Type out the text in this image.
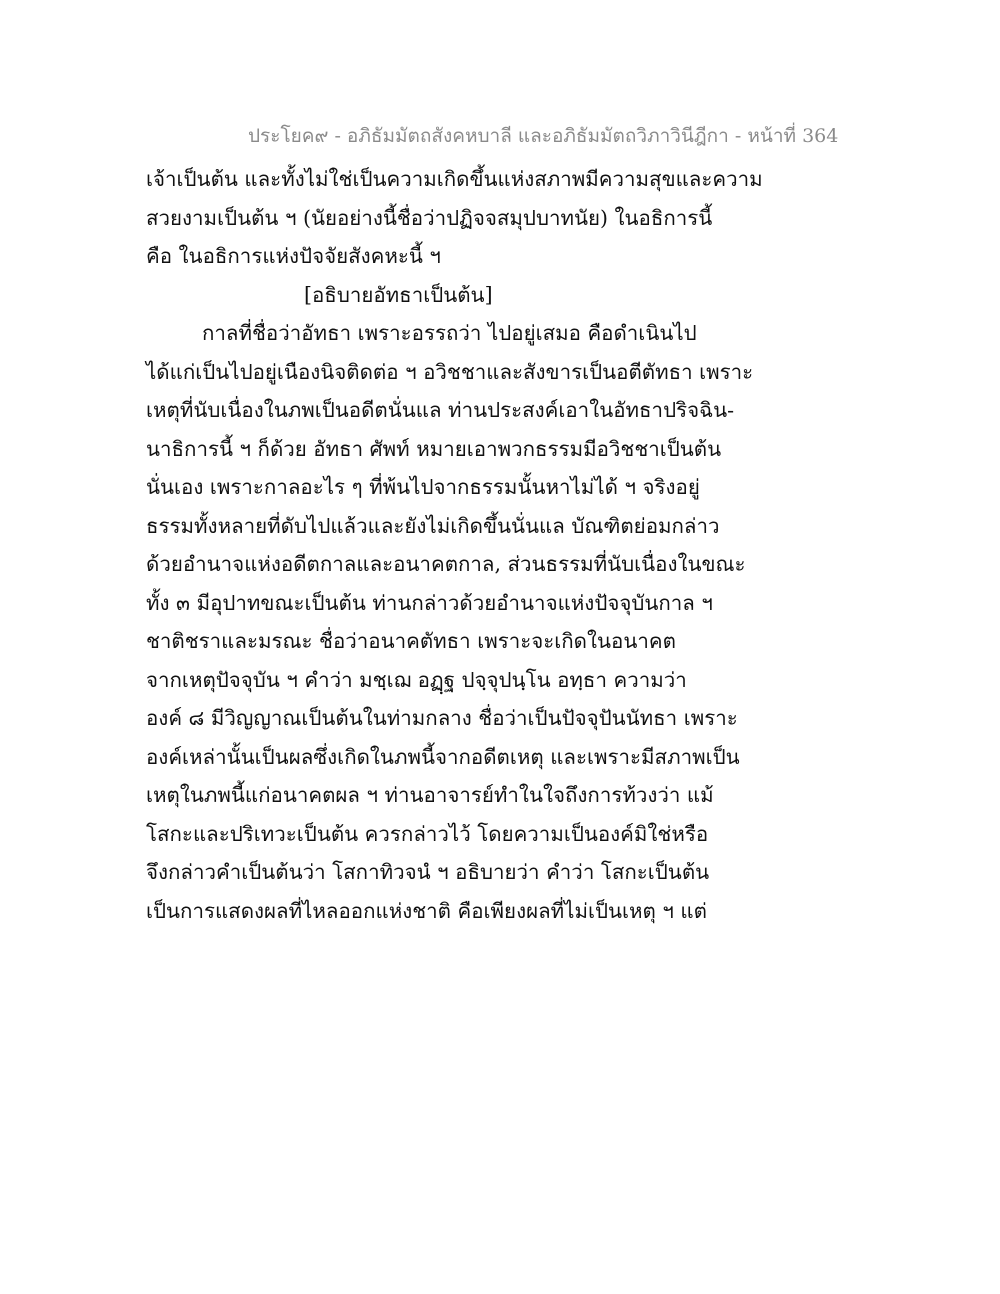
ประโยค๙ - อภิธัมมัตถสังคหบาลี และอภิธัมมัตถวิภาวินีฎีกา - หน้าที่ 364
เจ้าเป็นต้น และทั้งไม่ใช่เป็นความเกิดขึ้นแห่งสภาพมีความสุขและความ
สวยงามเป็นต้น ฯ (นัยอย่างนี้ชื่อว่าปฏิจจสมุปบาทนัย) ในอธิการนี้
คือ ในอธิการแห่งปัจจัยสังคหะนี้ ฯ
[อธิบายอัทธาเป็นต้น]
กาลที่ชื่อว่าอัทธา เพราะอรรถว่า ไปอยู่เสมอ คือดำเนินไป
ได้แก่เป็นไปอยู่เนืองนิจติดต่อ ฯ อวิชชาและสังขารเป็นอตีตัทธา เพราะ
เหตุที่นับเนื่องในภพเป็นอดีตนั่นแล ท่านประสงค์เอาในอัทธาปริจฉิน-
นาธิการนี้ ฯ ก็ด้วย อัทธา ศัพท์ หมายเอาพวกธรรมมีอวิชชาเป็นต้น
นั่นเอง เพราะกาลอะไร ๆ ที่พ้นไปจากธรรมนั้นหาไม่ได้ ฯ จริงอยู่
ธรรมทั้งหลายที่ดับไปแล้วและยังไม่เกิดขึ้นนั่นแล บัณฑิตย่อมกล่าว
ด้วยอำนาจแห่งอดีตกาลและอนาคตกาล, ส่วนธรรมที่นับเนื่องในขณะ
ทั้ง ๓ มีอุปาทขณะเป็นต้น ท่านกล่าวด้วยอำนาจแห่งปัจจุบันกาล ฯ
ชาติชราและมรณะ ชื่อว่าอนาคตัทธา เพราะจะเกิดในอนาคต
จากเหตุปัจจุบัน ฯ คำว่า มชฺเฌ อฏฺฐ ปจฺจุปนฺโน อทฺธา ความว่า
องค์ ๘ มีวิญญาณเป็นต้นในท่ามกลาง ชื่อว่าเป็นปัจจุปันนัทธา เพราะ
องค์เหล่านั้นเป็นผลซึ่งเกิดในภพนี้จากอดีตเหตุ และเพราะมีสภาพเป็น
เหตุในภพนี้แก่อนาคตผล ฯ ท่านอาจารย์ทำในใจถึงการท้วงว่า แม้
โสกะและปริเทวะเป็นต้น ควรกล่าวไว้ โดยความเป็นองค์มิใช่หรือ
จึงกล่าวคำเป็นต้นว่า โสกาทิวจนํ ฯ อธิบายว่า คำว่า โสกะเป็นต้น
เป็นการแสดงผลที่ไหลออกแห่งชาติ คือเพียงผลที่ไม่เป็นเหตุ ฯ แต่
